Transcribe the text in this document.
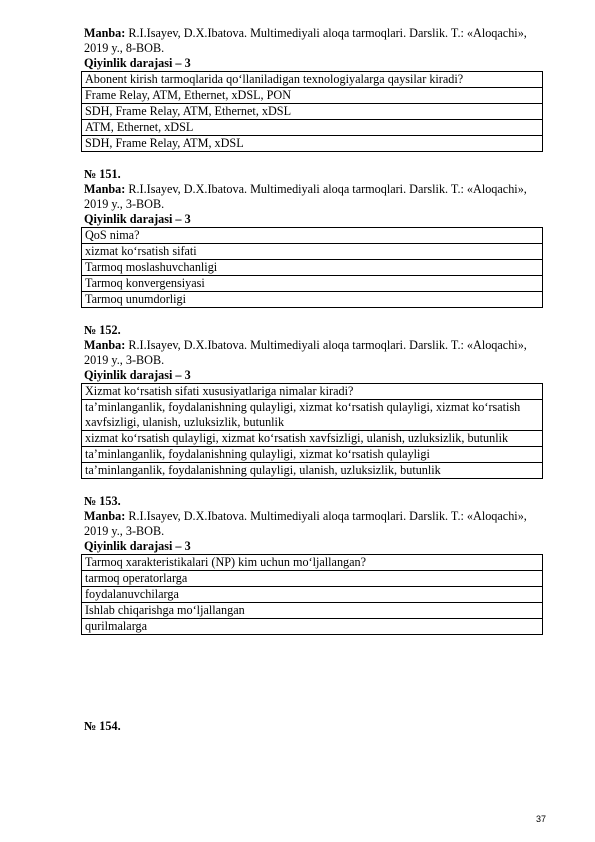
Manba: R.I.Isayev, D.X.Ibatova. Multimediyali aloqa tarmoqlari. Darslik. T.: «Aloqachi», 2019 y., 8-BOB.

Qiyinlik darajasi – 3

Abonent kirish tarmoqlarida qo‘llaniladigan texnologiyalarga qaysilar kiradi?
Frame Relay, ATM, Ethernet, xDSL, PON
SDH, Frame Relay, ATM, Ethernet, xDSL
ATM, Ethernet, xDSL
SDH, Frame Relay, ATM, xDSL

№ 151.

Manba: R.I.Isayev, D.X.Ibatova. Multimediyali aloqa tarmoqlari. Darslik. T.: «Aloqachi», 2019 y., 3-BOB.

Qiyinlik darajasi – 3

QoS nima?
xizmat ko‘rsatish sifati
Tarmoq moslashuvchanligi
Tarmoq konvergensiyasi
Tarmoq unumdorligi

№ 152.

Manba: R.I.Isayev, D.X.Ibatova. Multimediyali aloqa tarmoqlari. Darslik. T.: «Aloqachi», 2019 y., 3-BOB.

Qiyinlik darajasi – 3

Xizmat ko‘rsatish sifati xususiyatlariga nimalar kiradi?
ta’minlanganlik, foydalanishning qulayligi, xizmat ko‘rsatish qulayligi, xizmat ko‘rsatish xavfsizligi, ulanish, uzluksizlik, butunlik
xizmat ko‘rsatish qulayligi, xizmat ko‘rsatish xavfsizligi, ulanish, uzluksizlik, butunlik
ta’minlanganlik, foydalanishning qulayligi, xizmat ko‘rsatish qulayligi
ta’minlanganlik, foydalanishning qulayligi, ulanish, uzluksizlik, butunlik

№ 153.

Manba: R.I.Isayev, D.X.Ibatova. Multimediyali aloqa tarmoqlari. Darslik. T.: «Aloqachi», 2019 y., 3-BOB.

Qiyinlik darajasi – 3

Tarmoq xarakteristikalari (NP) kim uchun mo‘ljallangan?
tarmoq operatorlarga
foydalanuvchilarga
Ishlab chiqarishga mo‘ljallangan
qurilmalarga

№ 154.

37
